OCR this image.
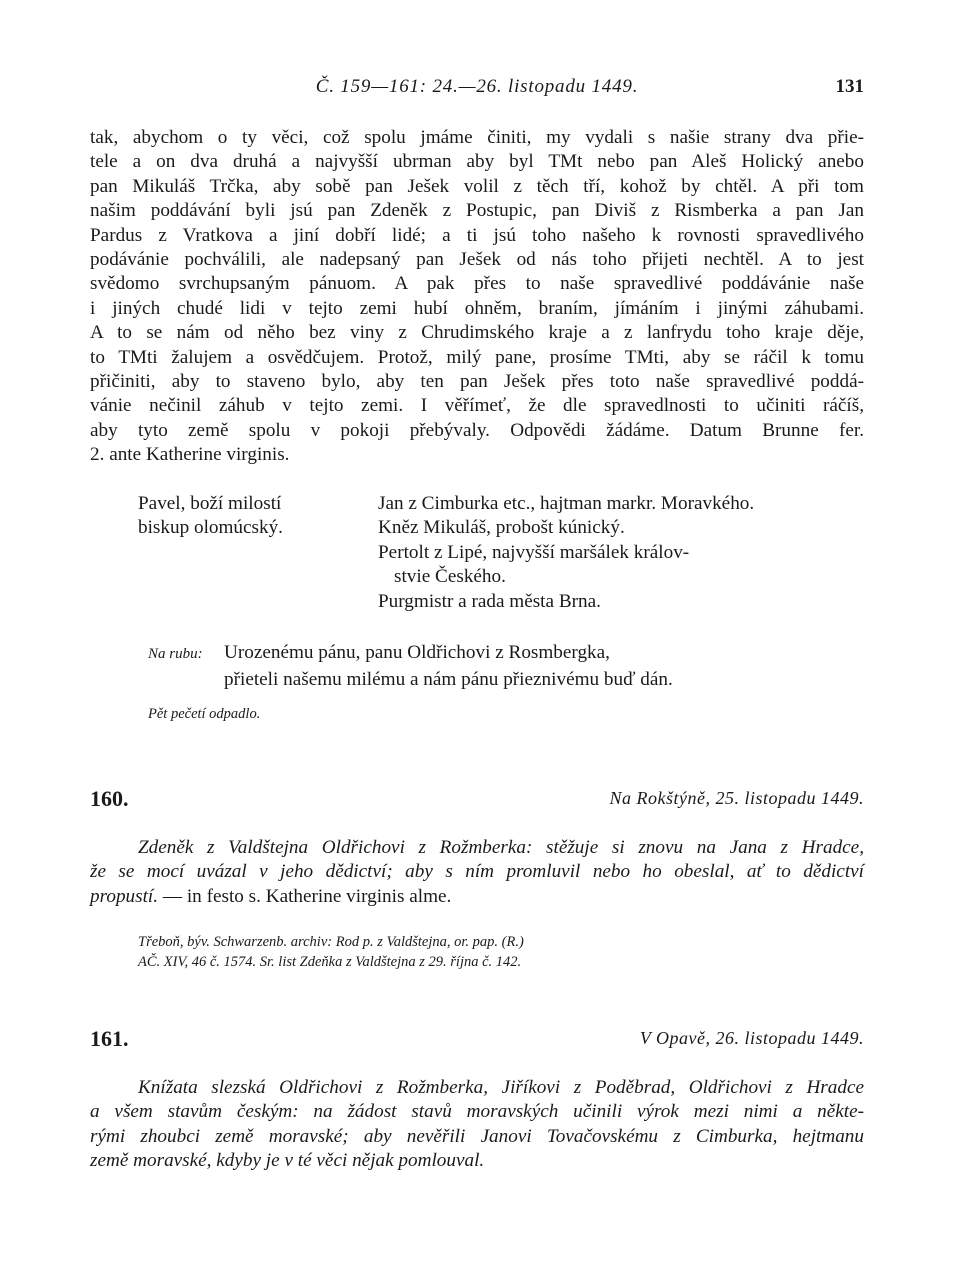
Č. 159—161: 24.—26. listopadu 1449.	131
tak, abychom o ty věci, což spolu jmáme činiti, my vydali s našie strany dva přie-
tele a on dva druhá a najvyšší ubrman aby byl TMt nebo pan Aleš Holický anebo
pan Mikuláš Trčka, aby sobě pan Ješek volil z těch tří, kohož by chtěl. A při tom
našim poddávání byli jsú pan Zdeněk z Postupic, pan Diviš z Rismberka a pan Jan
Pardus z Vratkova a jiní dobří lidé; a ti jsú toho našeho k rovnosti spravedlivého
podávánie pochválili, ale nadepsaný pan Ješek od nás toho přijeti nechtěl. A to jest
svědomo svrchupsaným pánuom. A pak přes to naše spravedlivé poddávánie naše
i jiných chudé lidi v tejto zemi hubí ohněm, braním, jímáním i jinými záhubami.
A to se nám od něho bez viny z Chrudimského kraje a z lanfrydu toho kraje děje,
to TMti žalujem a osvědčujem. Protož, milý pane, prosíme TMti, aby se ráčil k tomu
přičiniti, aby to staveno bylo, aby ten pan Ješek přes toto naše spravedlivé poddá-
vánie nečinil záhub v tejto zemi. I věřímeť, že dle spravedlnosti to učiniti ráčíš,
aby tyto země spolu v pokoji přebývaly. Odpovědi žádáme. Datum Brunne fer.
2. ante Katherine virginis.
Pavel, boží milostí
biskup olomúcský.
Jan z Cimburka etc., hajtman markr. Moravkého.
Kněz Mikuláš, probošt kúnický.
Pertolt z Lipé, najvyšší maršálek králov-
stvie Českého.
Purgmistr a rada města Brna.
Na rubu: Urozenému pánu, panu Oldřichovi z Rosmbergka,
přieteli našemu milému a nám pánu přieznivému buď dán.
Pět pečetí odpadlo.
160.	Na Rokštýně, 25. listopadu 1449.
Zdeněk z Valdštejna Oldřichovi z Rožmberka: stěžuje si znovu na Jana z Hradce,
že se mocí uvázal v jeho dědictví; aby s ním promluvil nebo ho obeslal, ať to dědictví
propustí. — in festo s. Katherine virginis alme.
Třeboň, býv. Schwarzenb. archiv: Rod p. z Valdštejna, or. pap. (R.)
AČ. XIV, 46 č. 1574. Sr. list Zdeňka z Valdštejna z 29. října č. 142.
161.	V Opavě, 26. listopadu 1449.
Knížata slezská Oldřichovi z Rožmberka, Jiříkovi z Poděbrad, Oldřichovi z Hradce
a všem stavům českým: na žádost stavů moravských učinili výrok mezi nimi a někte-
rými zhoubci země moravské; aby nevěřili Janovi Tovačovskému z Cimburka, hejtmanu
země moravské, kdyby je v té věci nějak pomlouval.
